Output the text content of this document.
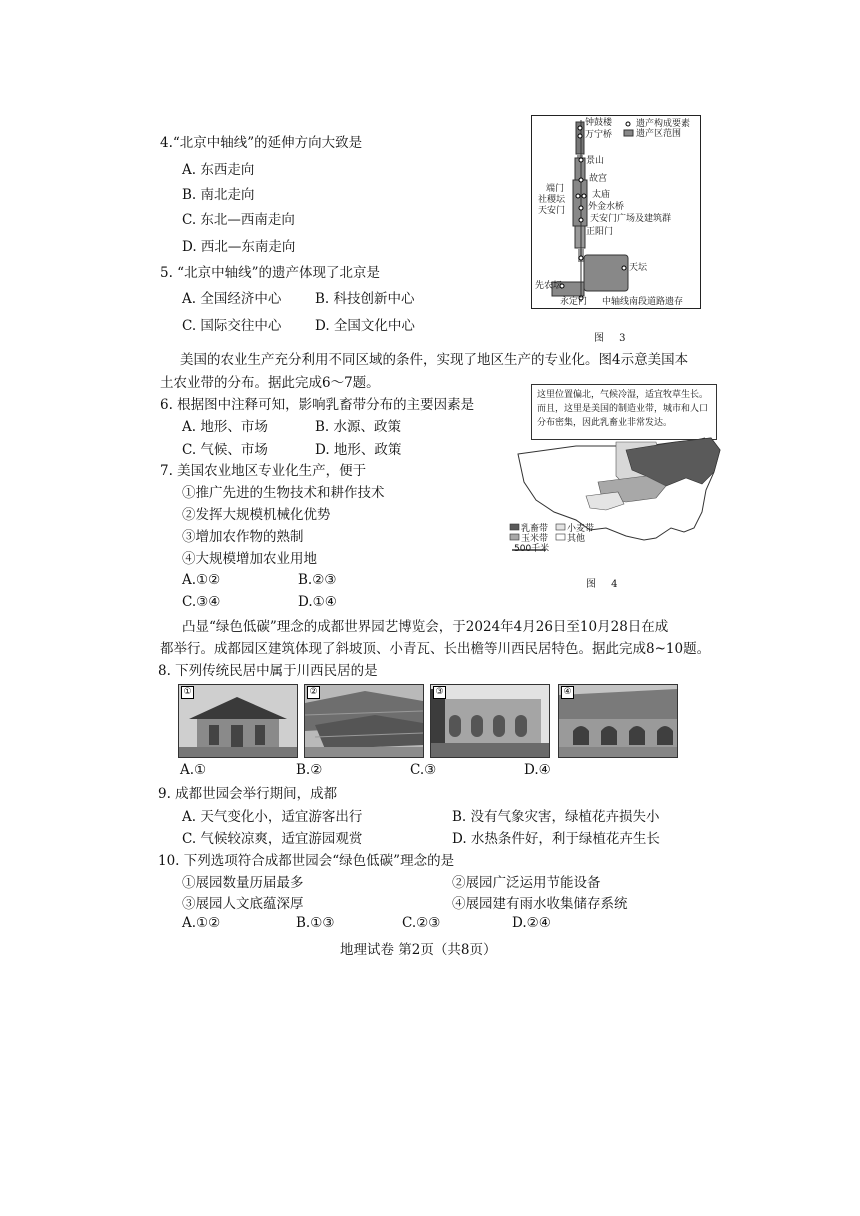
4.“北京中轴线”的延伸方向大致是
A. 东西走向
B. 南北走向
C. 东北—西南走向
D. 西北—东南走向
5. “北京中轴线”的遗产体现了北京是
A. 全国经济中心 B. 科技创新中心
C. 国际交往中心 D. 全国文化中心
遗产构成要素
遗产区范围
钟鼓楼
万宁桥
景山
故宫
端门
社稷坛
天安门
太庙
外金水桥
天安门广场及建筑群
正阳门
天坛
先农坛
永定门 中轴线南段道路遗存
图 3
美国的农业生产充分利用不同区域的条件，实现了地区生产的专业化。图4示意美国本
土农业带的分布。据此完成6～7题。
6. 根据图中注释可知，影响乳畜带分布的主要因素是
A. 地形、市场	B. 水源、政策
C. 气候、市场	D. 地形、政策
7. 美国农业地区专业化生产，便于
①推广先进的生物技术和耕作技术
②发挥大规模机械化优势
③增加农作物的熟制
④大规模增加农业用地
A.①②	B.②③
C.③④	D.①④
这里位置偏北，气候冷湿，适宜牧草生长。而且，这里是美国的制造业带，城市和人口分布密集，因此乳畜业非常发达。
乳畜带 小麦带
玉米带 其他
500千米
图 4
凸显“绿色低碳”理念的成都世界园艺博览会，于2024年4月26日至10月28日在成
都举行。成都园区建筑体现了斜坡顶、小青瓦、长出檐等川西民居特色。据此完成8~10题。
8. 下列传统民居中属于川西民居的是
①	②	③	④
A.①	B.②	C.③	D.④
9. 成都世园会举行期间，成都
A. 天气变化小，适宜游客出行	B. 没有气象灾害，绿植花卉损失小
C. 气候较凉爽，适宜游园观赏	D. 水热条件好，利于绿植花卉生长
10. 下列选项符合成都世园会“绿色低碳”理念的是
①展园数量历届最多	②展园广泛运用节能设备
③展园人文底蕴深厚	④展园建有雨水收集储存系统
A.①②	B.①③	C.②③	D.②④
地理试卷 第2页（共8页）
